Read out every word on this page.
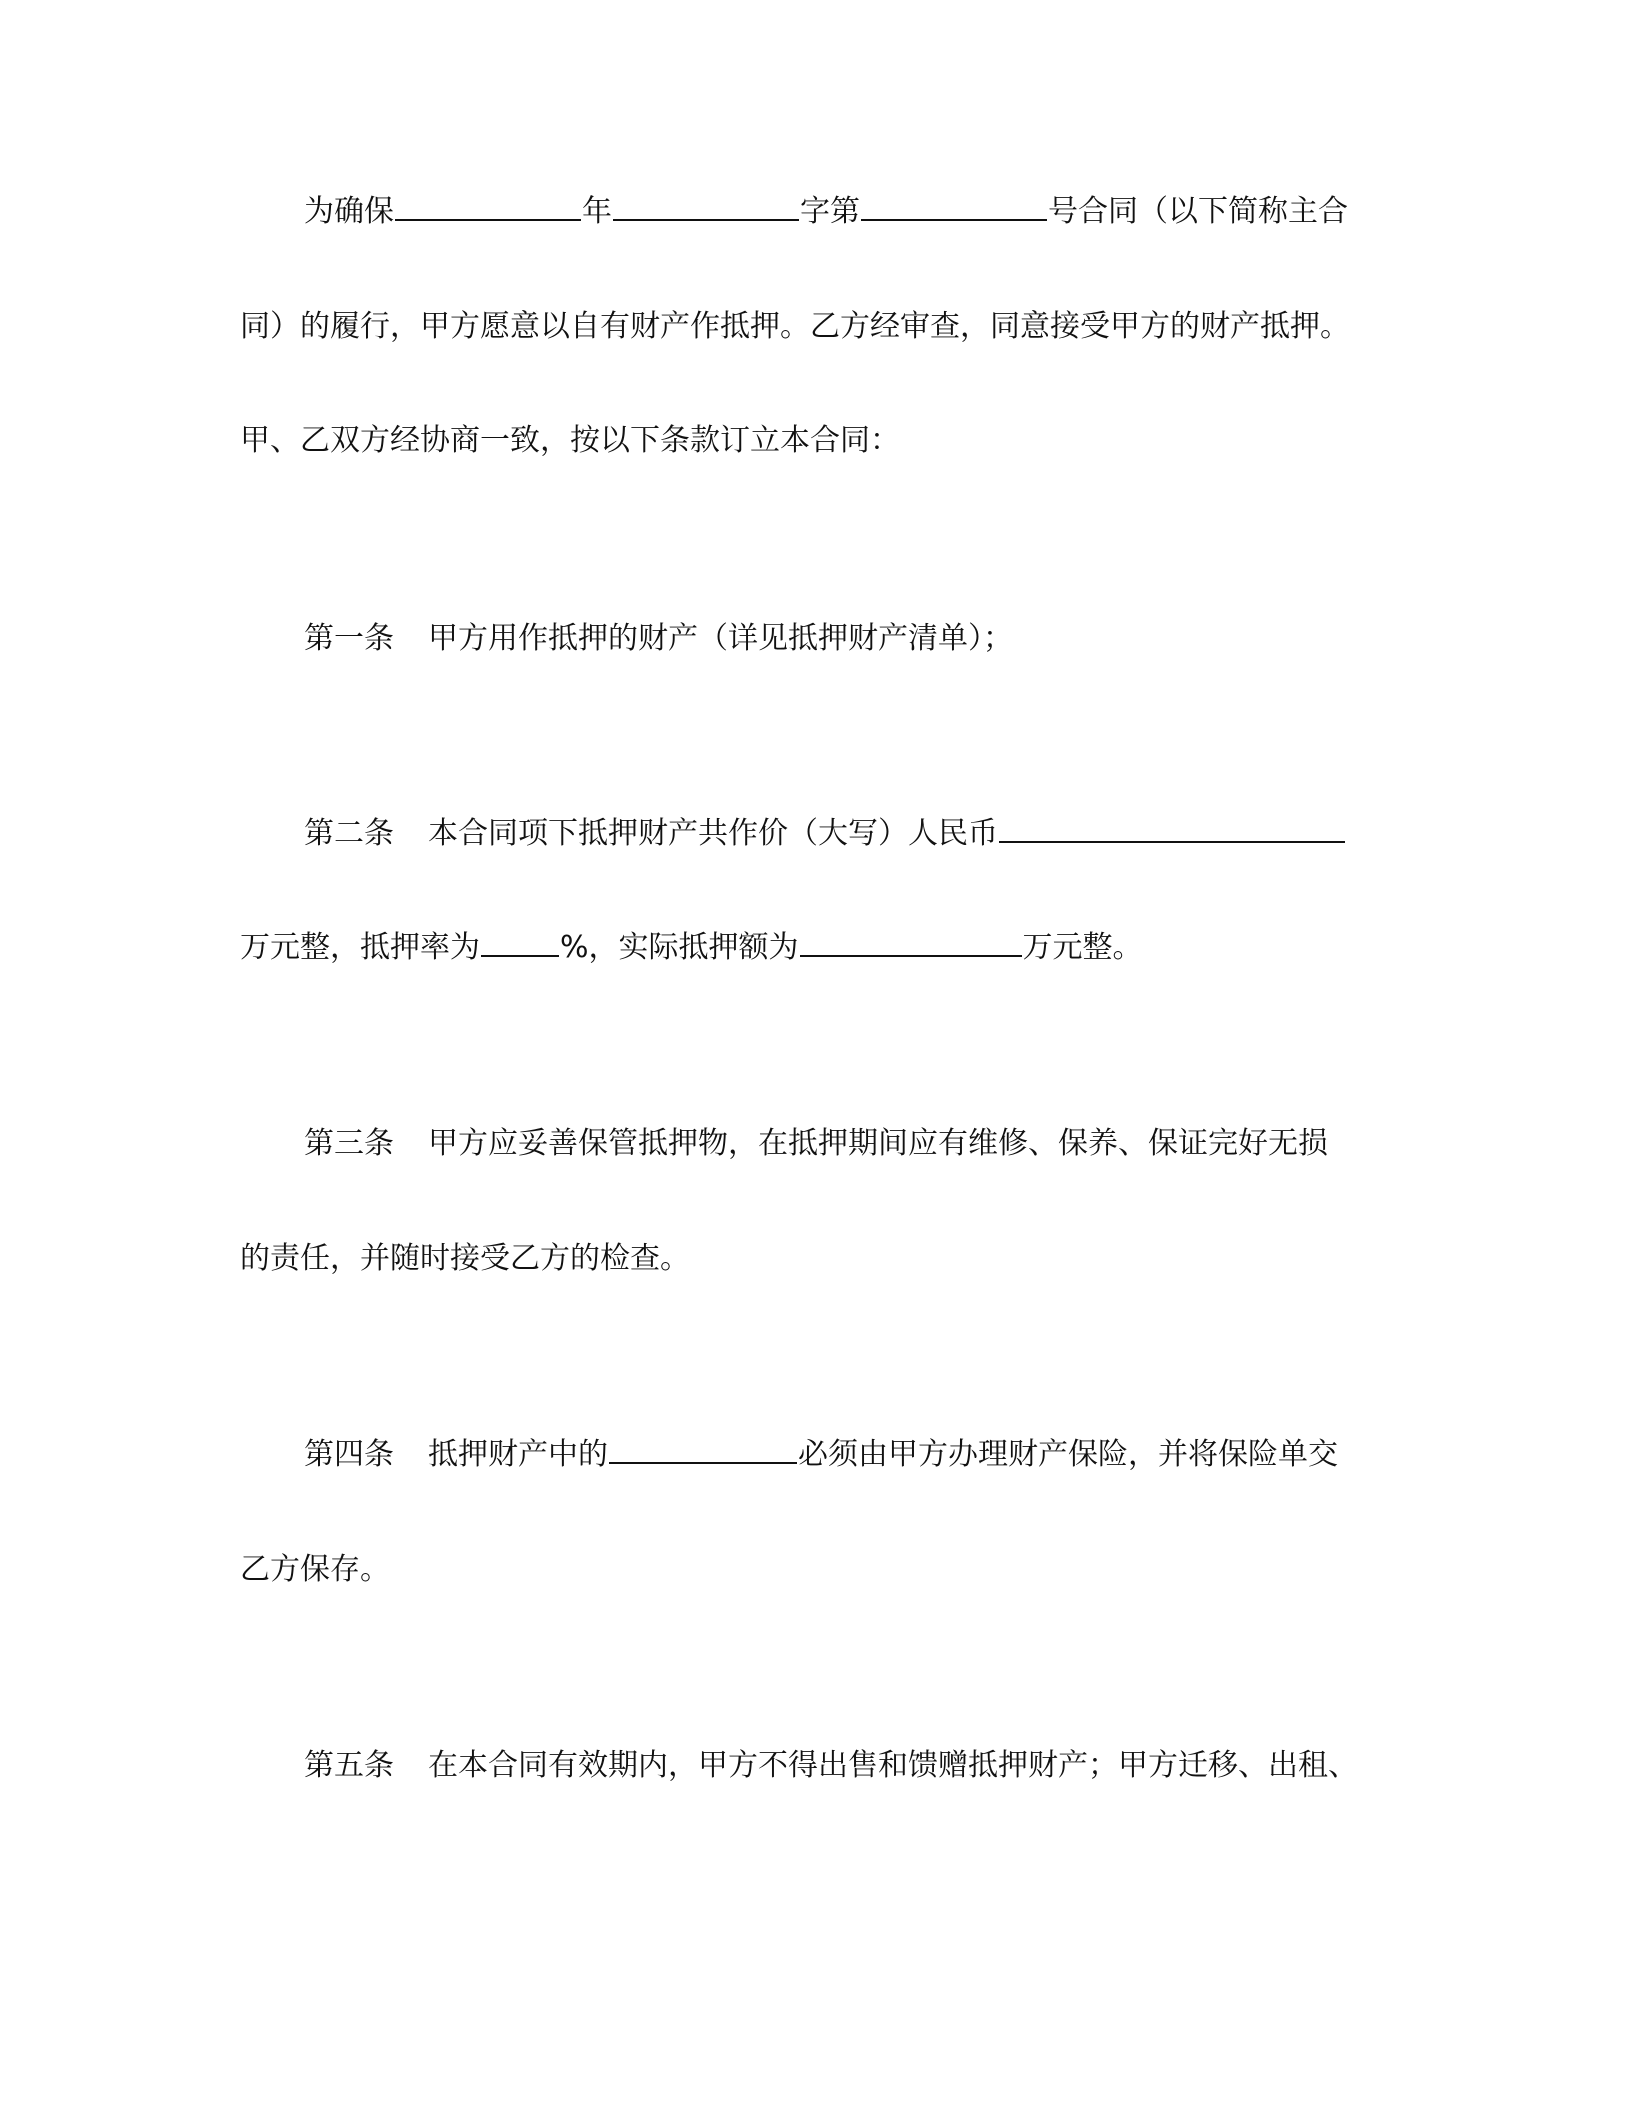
为确保	年	字第	号合同（以下简称主合
同）的履行，甲方愿意以自有财产作抵押。乙方经审查，同意接受甲方的财产抵押。
甲、乙双方经协商一致，按以下条款订立本合同：
第一条 甲方用作抵押的财产（详见抵押财产清单）；
第二条 本合同项下抵押财产共作价（大写）人民币
万元整，抵押率为	%，实际抵押额为	万元整。
第三条 甲方应妥善保管抵押物，在抵押期间应有维修、保养、保证完好无损
的责任，并随时接受乙方的检查。
第四条 抵押财产中的	必须由甲方办理财产保险，并将保险单交
乙方保存。
第五条 在本合同有效期内，甲方不得出售和馈赠抵押财产；甲方迁移、出租、
